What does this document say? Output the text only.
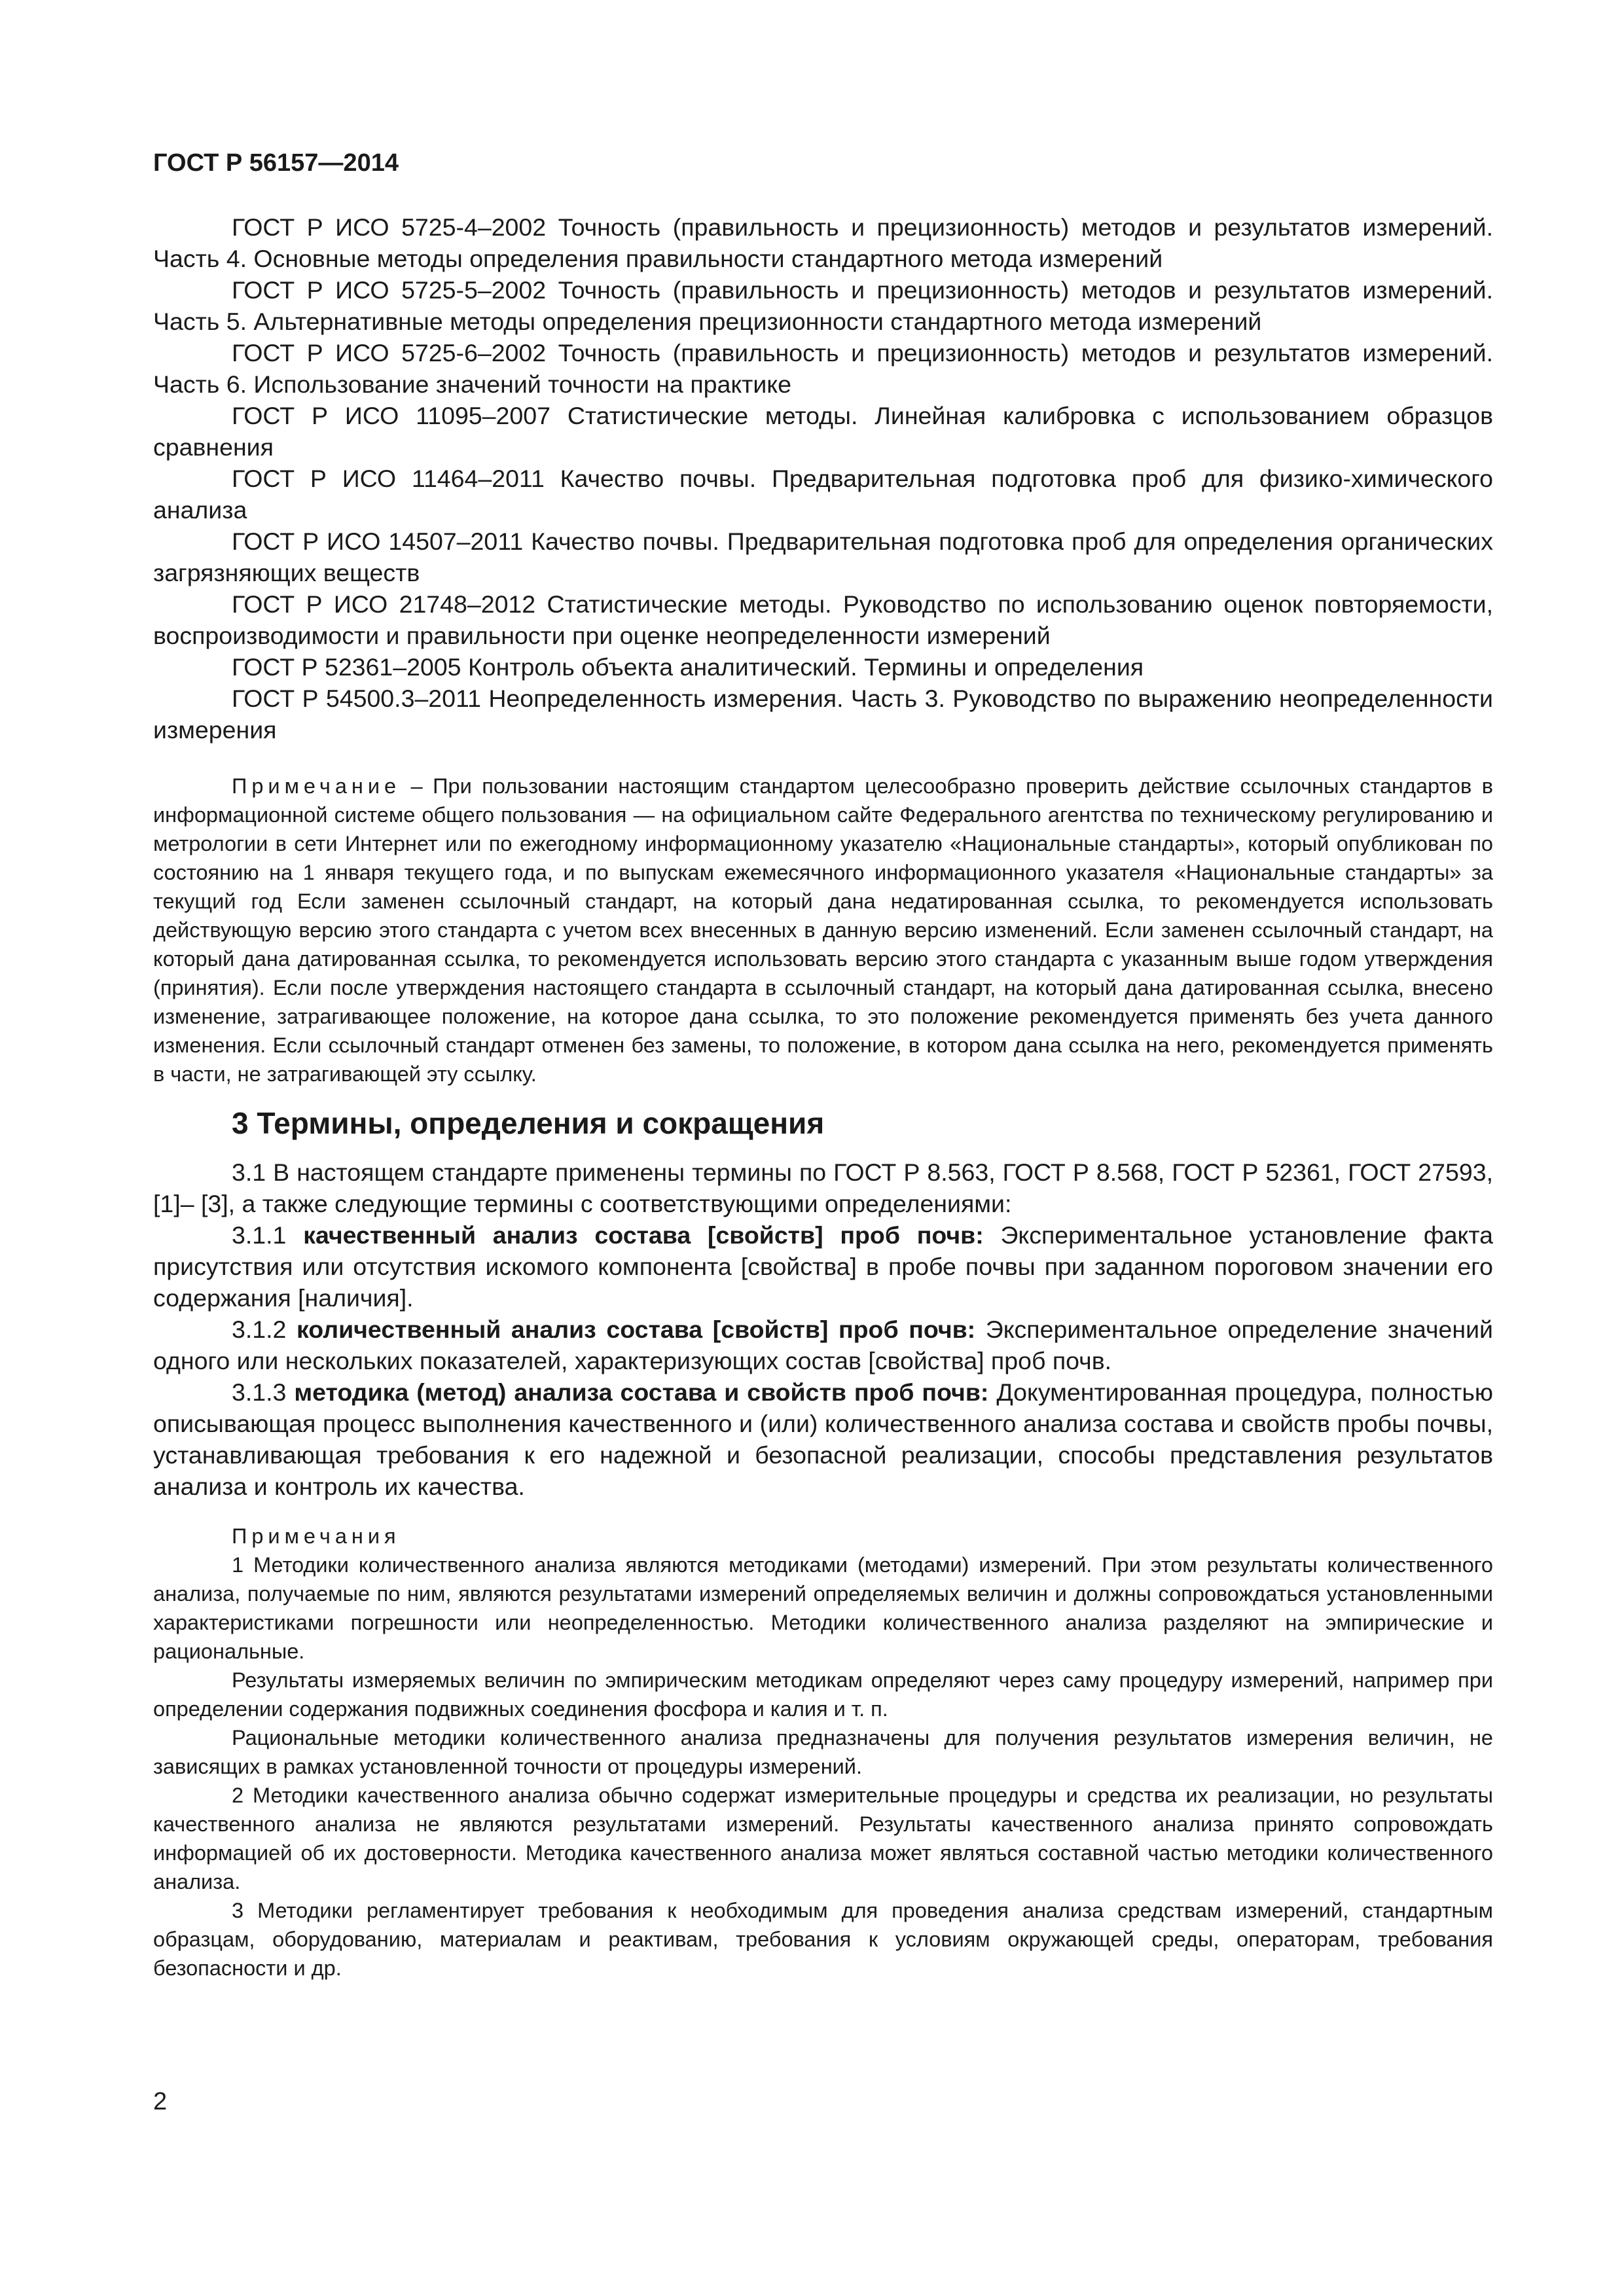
ГОСТ Р 56157—2014

ГОСТ Р ИСО 5725-4–2002 Точность (правильность и прецизионность) методов и результатов измерений. Часть 4. Основные методы определения правильности стандартного метода измерений

ГОСТ Р ИСО 5725-5–2002 Точность (правильность и прецизионность) методов и результатов измерений. Часть 5. Альтернативные методы определения прецизионности стандартного метода измерений

ГОСТ Р ИСО 5725-6–2002 Точность (правильность и прецизионность) методов и результатов измерений. Часть 6. Использование значений точности на практике

ГОСТ Р ИСО 11095–2007 Статистические методы. Линейная калибровка с использованием образцов сравнения

ГОСТ Р ИСО 11464–2011 Качество почвы. Предварительная подготовка проб для физико-химического анализа

ГОСТ Р ИСО 14507–2011 Качество почвы. Предварительная подготовка проб для определения органических загрязняющих веществ

ГОСТ Р ИСО 21748–2012 Статистические методы. Руководство по использованию оценок повторяемости, воспроизводимости и правильности при оценке неопределенности измерений

ГОСТ Р 52361–2005 Контроль объекта аналитический. Термины и определения

ГОСТ Р 54500.3–2011 Неопределенность измерения. Часть 3. Руководство по выражению неопределенности измерения

Примечание – При пользовании настоящим стандартом целесообразно проверить действие ссылочных стандартов в информационной системе общего пользования — на официальном сайте Федерального агентства по техническому регулированию и метрологии в сети Интернет или по ежегодному информационному указателю «Национальные стандарты», который опубликован по состоянию на 1 января текущего года, и по выпускам ежемесячного информационного указателя «Национальные стандарты» за текущий год Если заменен ссылочный стандарт, на который дана недатированная ссылка, то рекомендуется использовать действующую версию этого стандарта с учетом всех внесенных в данную версию изменений. Если заменен ссылочный стандарт, на который дана датированная ссылка, то рекомендуется использовать версию этого стандарта с указанным выше годом утверждения (принятия). Если после утверждения настоящего стандарта в ссылочный стандарт, на который дана датированная ссылка, внесено изменение, затрагивающее положение, на которое дана ссылка, то это положение рекомендуется применять без учета данного изменения. Если ссылочный стандарт отменен без замены, то положение, в котором дана ссылка на него, рекомендуется применять в части, не затрагивающей эту ссылку.

3 Термины, определения и сокращения

3.1 В настоящем стандарте применены термины по ГОСТ Р 8.563, ГОСТ Р 8.568, ГОСТ Р 52361, ГОСТ 27593, [1]– [3], а также следующие термины с соответствующими определениями:

3.1.1 качественный анализ состава [свойств] проб почв: Экспериментальное установление факта присутствия или отсутствия искомого компонента [свойства] в пробе почвы при заданном пороговом значении его содержания [наличия].

3.1.2 количественный анализ состава [свойств] проб почв: Экспериментальное определение значений одного или нескольких показателей, характеризующих состав [свойства] проб почв.

3.1.3 методика (метод) анализа состава и свойств проб почв: Документированная процедура, полностью описывающая процесс выполнения качественного и (или) количественного анализа состава и свойств пробы почвы, устанавливающая требования к его надежной и безопасной реализации, способы представления результатов анализа и контроль их качества.

Примечания

1 Методики количественного анализа являются методиками (методами) измерений. При этом результаты количественного анализа, получаемые по ним, являются результатами измерений определяемых величин и должны сопровождаться установленными характеристиками погрешности или неопределенностью. Методики количественного анализа разделяют на эмпирические и рациональные.

Результаты измеряемых величин по эмпирическим методикам определяют через саму процедуру измерений, например при определении содержания подвижных соединения фосфора и калия и т. п.

Рациональные методики количественного анализа предназначены для получения результатов измерения величин, не зависящих в рамках установленной точности от процедуры измерений.

2 Методики качественного анализа обычно содержат измерительные процедуры и средства их реализации, но результаты качественного анализа не являются результатами измерений. Результаты качественного анализа принято сопровождать информацией об их достоверности. Методика качественного анализа может являться составной частью методики количественного анализа.

3 Методики регламентирует требования к необходимым для проведения анализа средствам измерений, стандартным образцам, оборудованию, материалам и реактивам, требования к условиям окружающей среды, операторам, требования безопасности и др.

2
